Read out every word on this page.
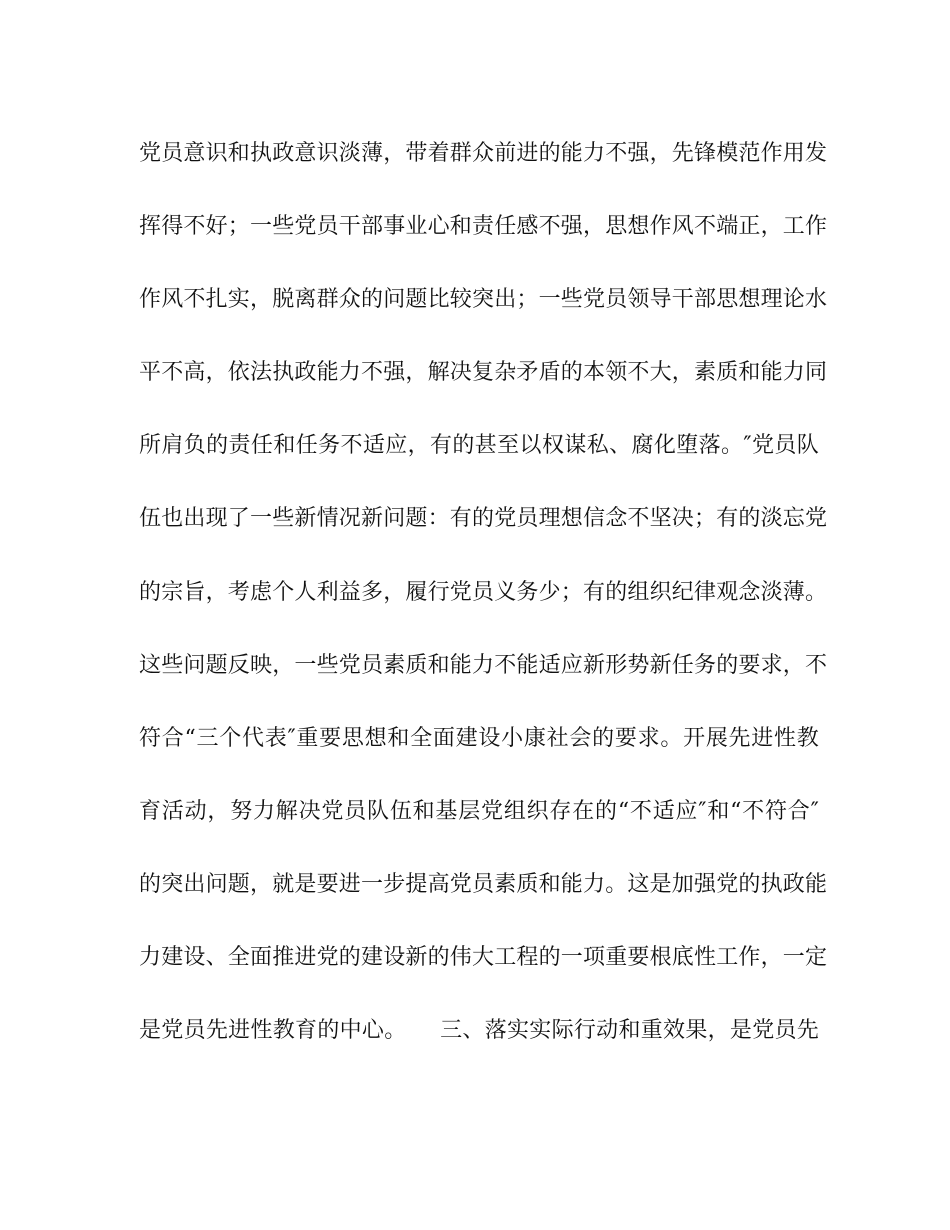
党员意识和执政意识淡薄，带着群众前进的能力不强，先锋模范作用发
挥得不好；一些党员干部事业心和责任感不强，思想作风不端正，工作
作风不扎实，脱离群众的问题比较突出；一些党员领导干部思想理论水
平不高，依法执政能力不强，解决复杂矛盾的本领不大，素质和能力同
所肩负的责任和任务不适应，有的甚至以权谋私、腐化堕落。″党员队
伍也出现了一些新情况新问题：有的党员理想信念不坚决；有的淡忘党
的宗旨，考虑个人利益多，履行党员义务少；有的组织纪律观念淡薄。
这些问题反映，一些党员素质和能力不能适应新形势新任务的要求，不
符合“三个代表″重要思想和全面建设小康社会的要求。开展先进性教
育活动，努力解决党员队伍和基层党组织存在的“不适应″和“不符合″
的突出问题，就是要进一步提高党员素质和能力。这是加强党的执政能
力建设、全面推进党的建设新的伟大工程的一项重要根底性工作，一定
是党员先进性教育的中心。　　三、落实实际行动和重效果，是党员先
